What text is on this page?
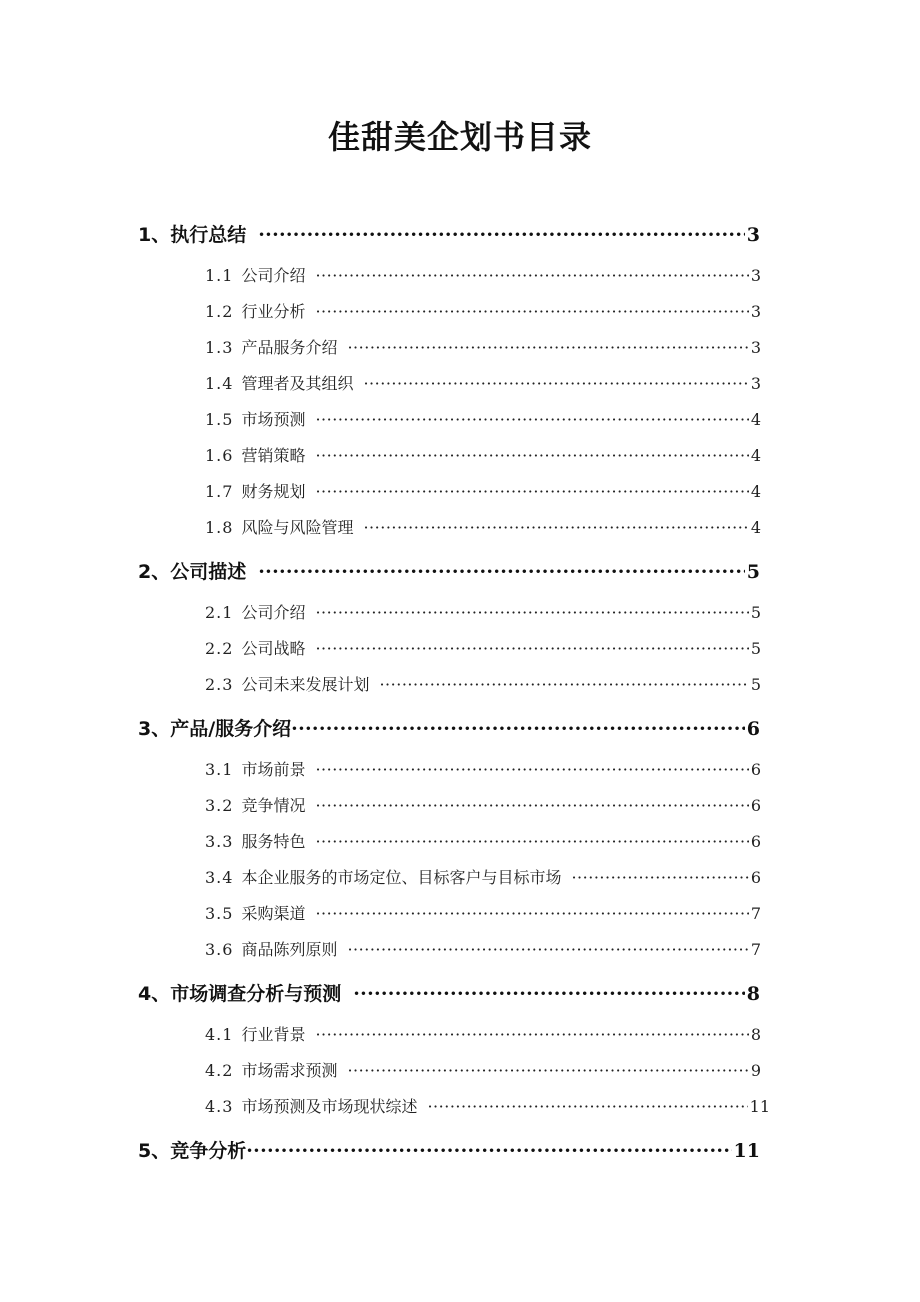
佳甜美企划书目录
1、执行总结 ·····	3
1.1 公司介绍 ·····	3
1.2 行业分析 ·····	3
1.3 产品服务介绍 ·····	3
1.4 管理者及其组织 ·····	3
1.5 市场预测 ·····	4
1.6 营销策略 ·····	4
1.7 财务规划 ·····	4
1.8 风险与风险管理 ·····	4
2、公司描述 ·····	5
2.1 公司介绍 ·····	5
2.2 公司战略 ·····	5
2.3 公司未来发展计划 ·····	5
3、产品/服务介绍 ·····	6
3.1 市场前景 ·····	6
3.2 竞争情况 ·····	6
3.3 服务特色 ·····	6
3.4 本企业服务的市场定位、目标客户与目标市场 ·····	6
3.5 采购渠道 ·····	7
3.6 商品陈列原则 ·····	7
4、市场调查分析与预测 ·····	8
4.1 行业背景 ·····	8
4.2 市场需求预测 ·····	9
4.3 市场预测及市场现状综述 ·····	11
5、竞争分析 ·····	11
